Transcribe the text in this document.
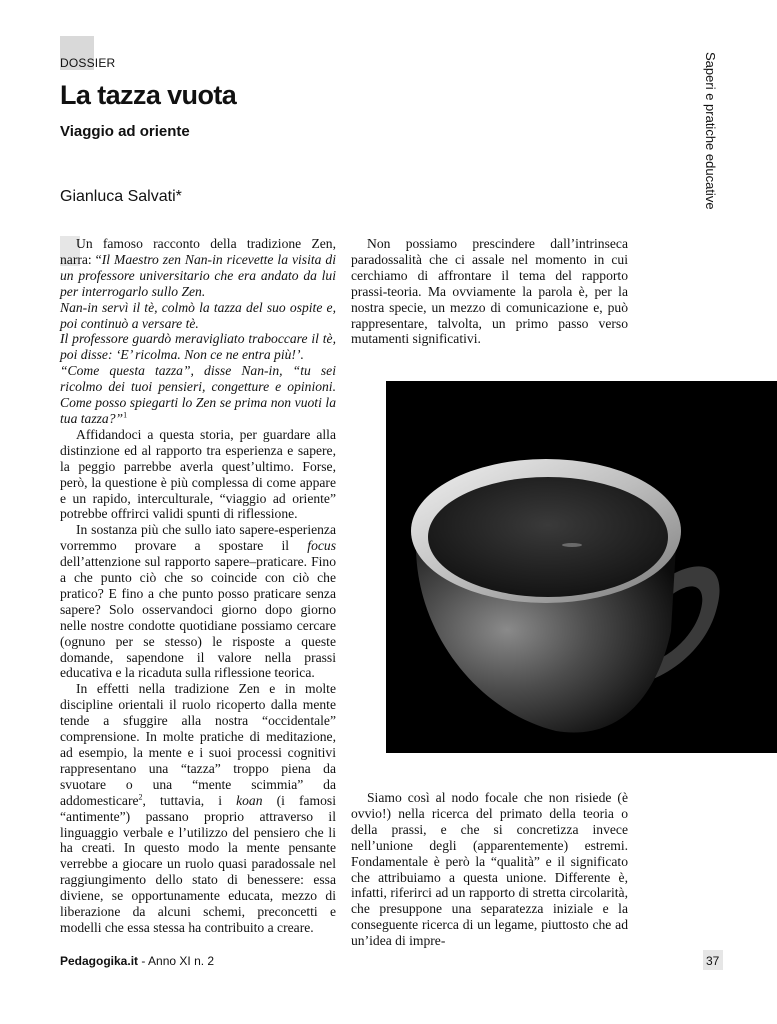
DOSSIER
La tazza vuota
Viaggio ad oriente
Gianluca Salvati*	Saperi e pratiche educative

Un famoso racconto della tradizione Zen, narra: “Il Maestro zen Nan-in ricevette la visita di un professore universitario che era andato da lui per interrogarlo sullo Zen.
Nan-in servì il tè, colmò la tazza del suo ospite e, poi continuò a versare tè.
Il professore guardò meravigliato traboccare il tè, poi disse: ‘E’ ricolma. Non ce ne entra più!’.
“Come questa tazza”, disse Nan-in, “tu sei ricolmo dei tuoi pensieri, congetture e opinioni. Come posso spiegarti lo Zen se prima non vuoti la tua tazza?”$^1$

Affidandoci a questa storia, per guardare alla distinzione ed al rapporto tra esperienza e sapere, la peggio parrebbe averla quest’ultimo. Forse, però, la questione è più complessa di come appare e un rapido, interculturale, “viaggio ad oriente” potrebbe offrirci validi spunti di riflessione.

In sostanza più che sullo iato sapere-esperienza vorremmo provare a spostare il focus dell’attenzione sul rapporto sapere–praticare. Fino a che punto ciò che so coincide con ciò che pratico? E fino a che punto posso praticare senza sapere? Solo osservandoci giorno dopo giorno nelle nostre condotte quotidiane possiamo cercare (ognuno per se stesso) le risposte a queste domande, sapendone il valore nella prassi educativa e la ricaduta sulla riflessione teorica.

In effetti nella tradizione Zen e in molte discipline orientali il ruolo ricoperto dalla mente tende a sfuggire alla nostra “occidentale” comprensione. In molte pratiche di meditazione, ad esempio, la mente e i suoi processi cognitivi rappresentano una “tazza” troppo piena da svuotare o una “mente scimmia” da addomesticare$^2$, tuttavia, i koan (i famosi “antimente”) passano proprio attraverso il linguaggio verbale e l’utilizzo del pensiero che li ha creati. In questo modo la mente pensante verrebbe a giocare un ruolo quasi paradossale nel raggiungimento dello stato di benessere: essa diviene, se opportunamente educata, mezzo di liberazione da alcuni schemi, preconcetti e modelli che essa stessa ha contribuito a creare.

Non possiamo prescindere dall’intrinseca paradossalità che ci assale nel momento in cui cerchiamo di affrontare il tema del rapporto prassi-teoria. Ma ovviamente la parola è, per la nostra specie, un mezzo di comunicazione e, può rappresentare, talvolta, un primo passo verso mutamenti significativi.

Siamo così al nodo focale che non risiede (è ovvio!) nella ricerca del primato della teoria o della prassi, e che si concretizza invece nell’unione degli (apparentemente) estremi. Fondamentale è però la “qualità” e il significato che attribuiamo a questa unione. Differente è, infatti, riferirci ad un rapporto di stretta circolarità, che presuppone una separatezza iniziale e la conseguente ricerca di un legame, piuttosto che ad un’idea di impre-

Pedagogika.it - Anno XI n. 2	37
